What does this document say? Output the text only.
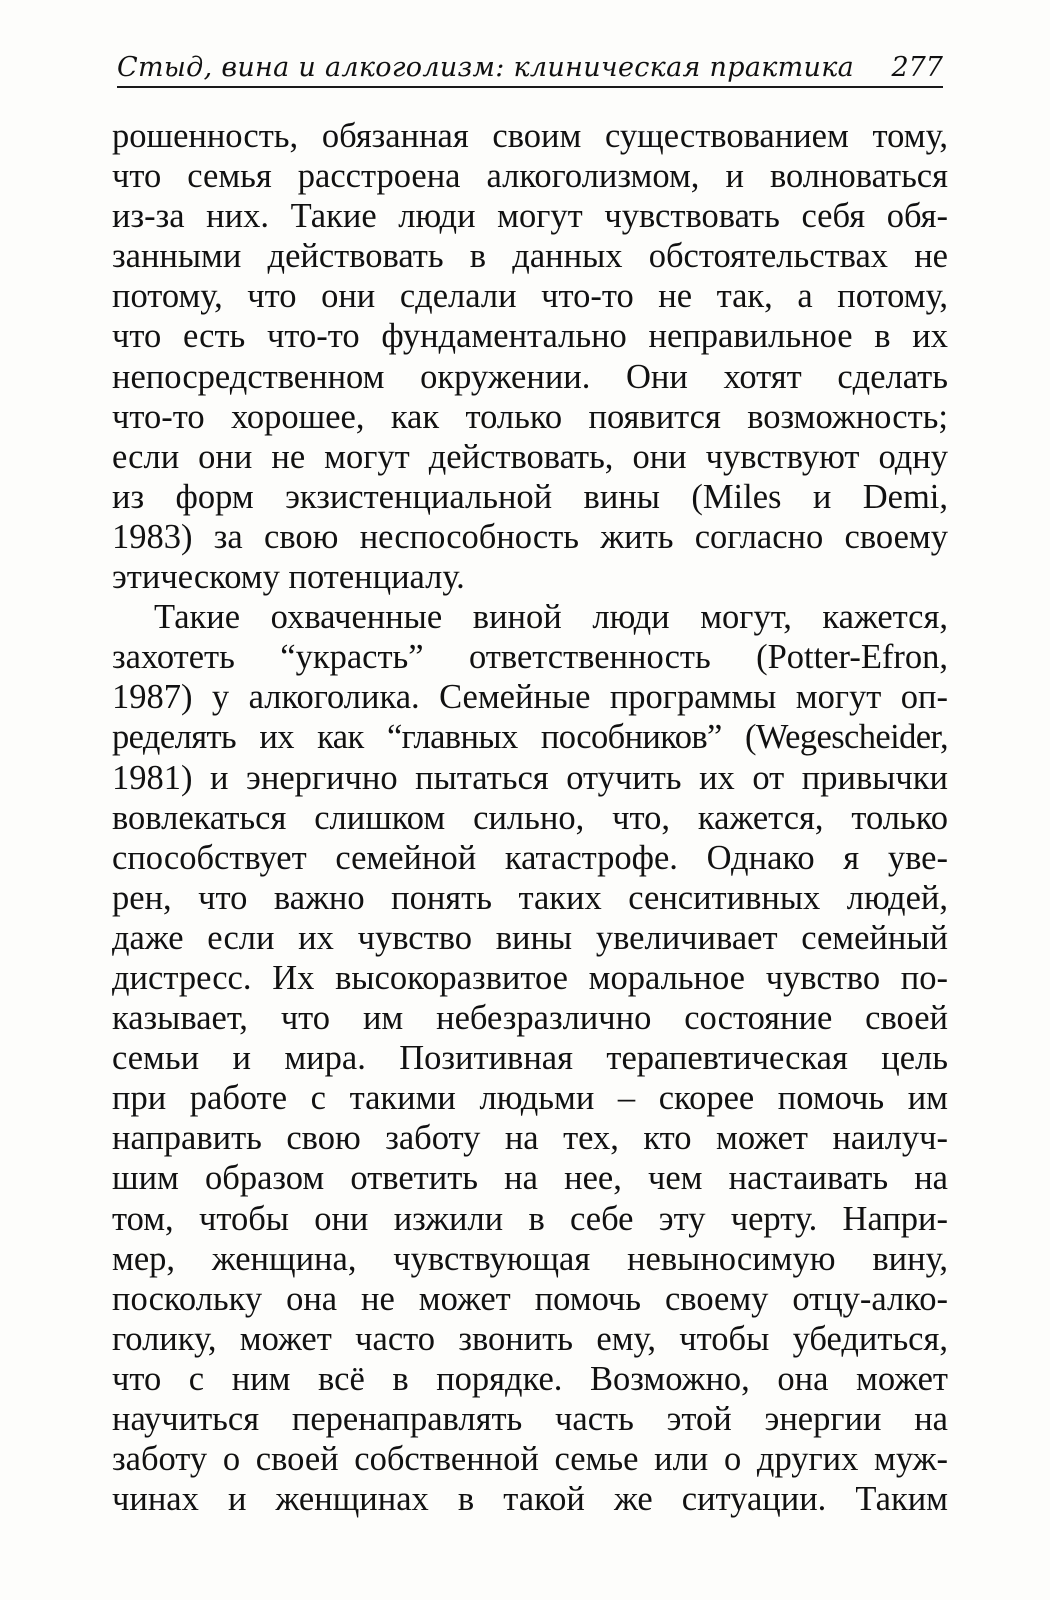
Стыд, вина и алкоголизм: клиническая практика 277

рошенность, обязанная своим существованием тому,
что семья расстроена алкоголизмом, и волноваться
из-за них. Такие люди могут чувствовать себя обя-
занными действовать в данных обстоятельствах не
потому, что они сделали что-то не так, а потому,
что есть что-то фундаментально неправильное в их
непосредственном окружении. Они хотят сделать
что-то хорошее, как только появится возможность;
если они не могут действовать, они чувствуют одну
из форм экзистенциальной вины (Miles и Demi,
1983) за свою неспособность жить согласно своему
этическому потенциалу.

Такие охваченные виной люди могут, кажется,
захотеть “украсть” ответственность (Potter-Efron,
1987) у алкоголика. Семейные программы могут оп-
ределять их как “главных пособников” (Wegescheider,
1981) и энергично пытаться отучить их от привычки
вовлекаться слишком сильно, что, кажется, только
способствует семейной катастрофе. Однако я уве-
рен, что важно понять таких сенситивных людей,
даже если их чувство вины увеличивает семейный
дистресс. Их высокоразвитое моральное чувство по-
казывает, что им небезразлично состояние своей
семьи и мира. Позитивная терапевтическая цель
при работе с такими людьми – скорее помочь им
направить свою заботу на тех, кто может наилуч-
шим образом ответить на нее, чем настаивать на
том, чтобы они изжили в себе эту черту. Напри-
мер, женщина, чувствующая невыносимую вину,
поскольку она не может помочь своему отцу-алко-
голику, может часто звонить ему, чтобы убедиться,
что с ним всё в порядке. Возможно, она может
научиться перенаправлять часть этой энергии на
заботу о своей собственной семье или о других муж-
чинах и женщинах в такой же ситуации. Таким
